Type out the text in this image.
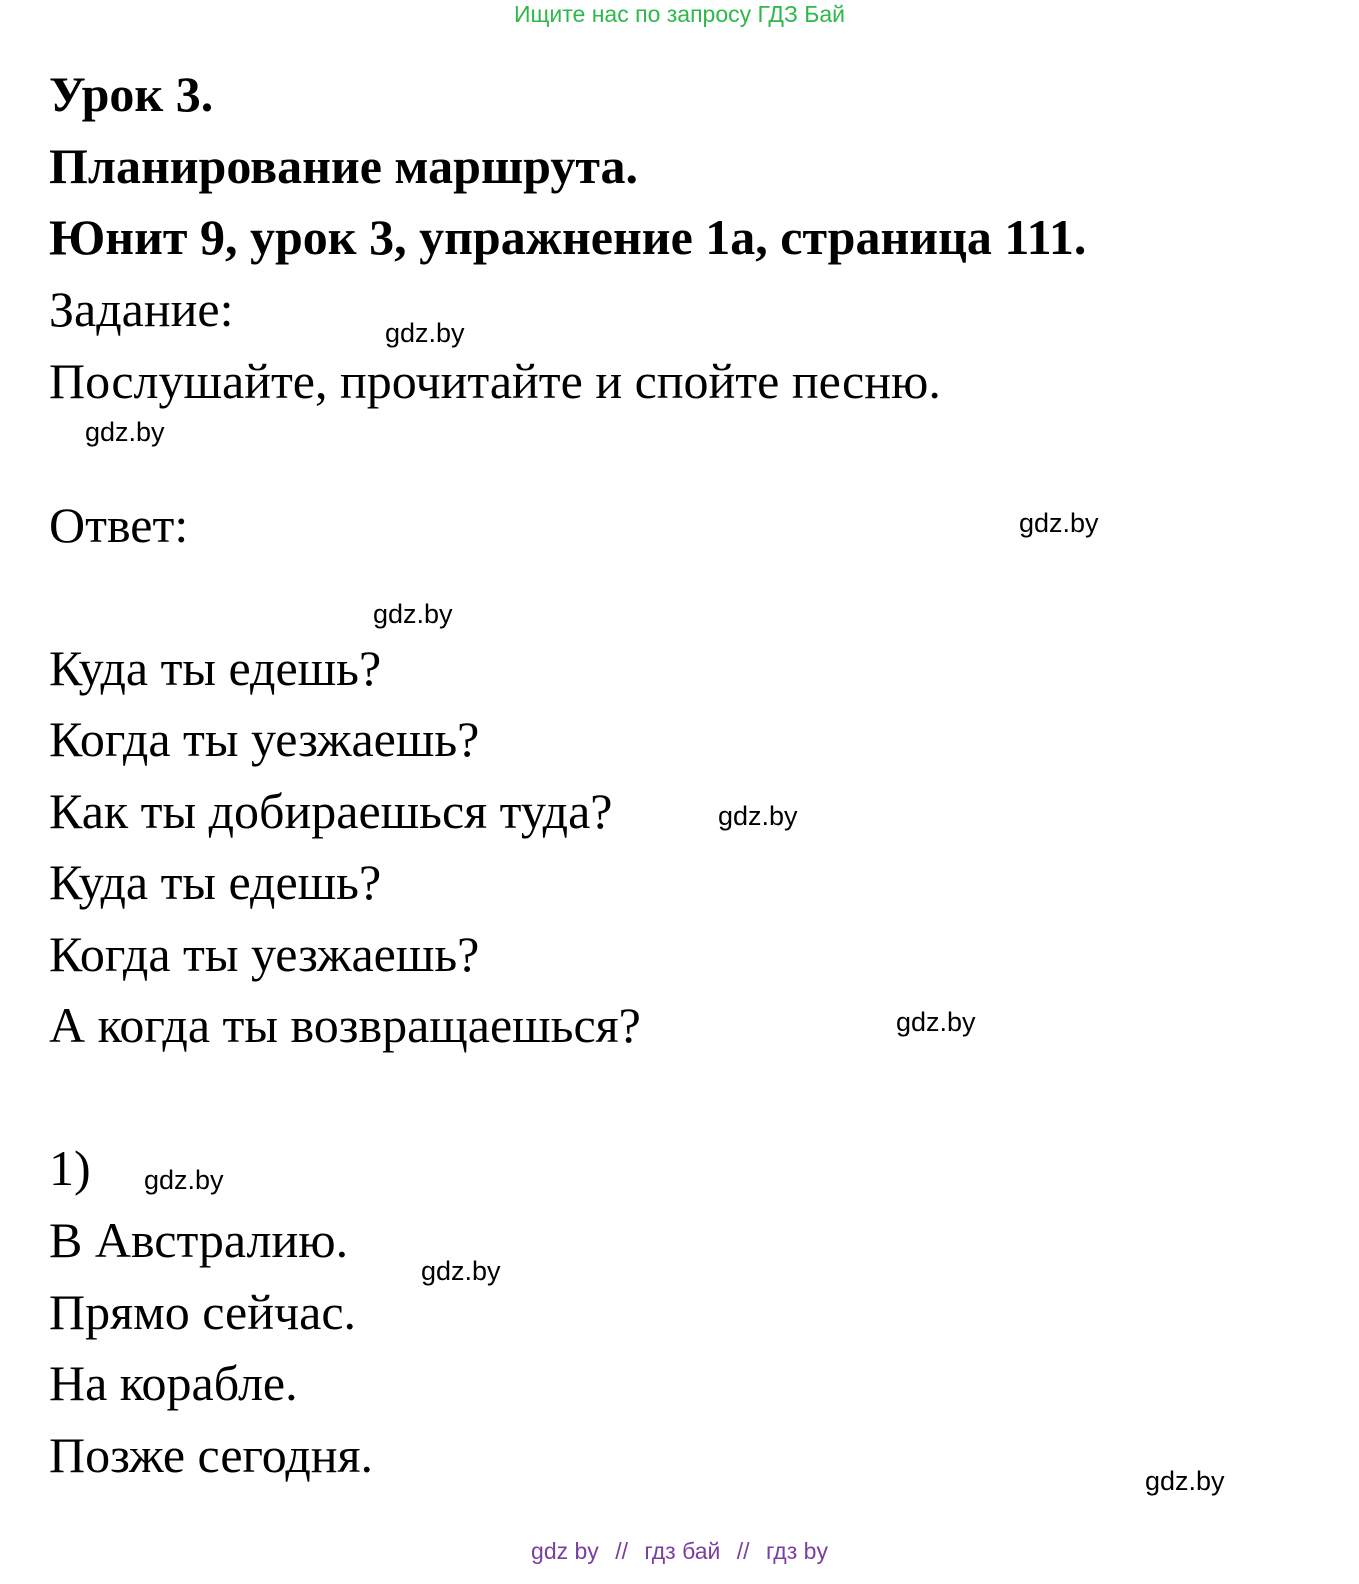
Ищите нас по запросу ГДЗ Бай
Урок 3.
Планирование маршрута.
Юнит 9, урок 3, упражнение 1а, страница 111.
Задание:	gdz.by
Послушайте, прочитайте и спойте песню.
gdz.by
Ответ:	gdz.by
gdz.by
Куда ты едешь?
Когда ты уезжаешь?
Как ты добираешься туда?	gdz.by
Куда ты едешь?
Когда ты уезжаешь?
А когда ты возвращаешься?	gdz.by
1) gdz.by
В Австралию.
gdz.by
Прямо сейчас.
На корабле.
Позже сегодня.	gdz.by
gdz by // гдз бай // гдз by
